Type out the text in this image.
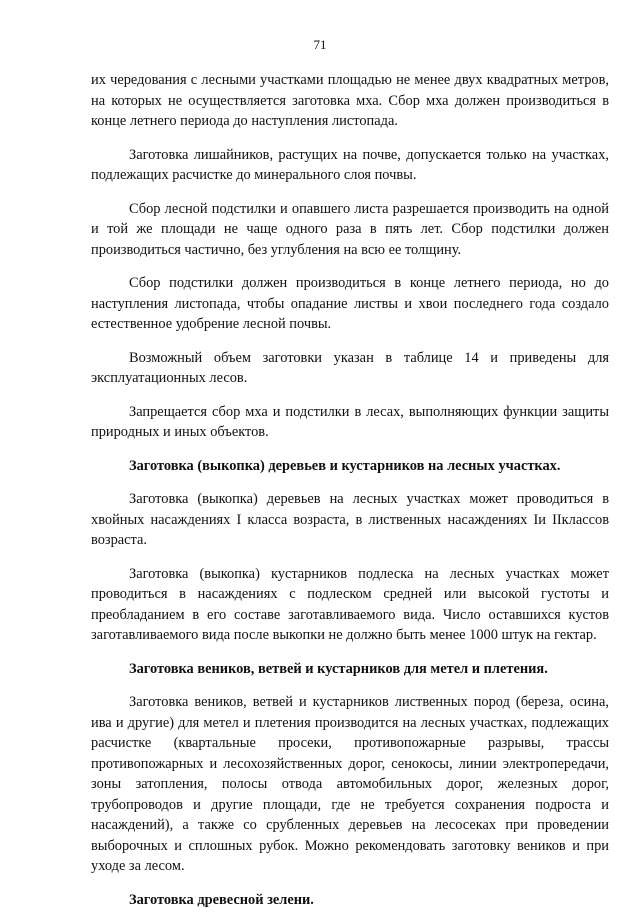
71

их чередования с лесными участками площадью не менее двух квадратных метров, на которых не осуществляется заготовка мха. Сбор мха должен производиться в конце летнего периода до наступления листопада.

Заготовка лишайников, растущих на почве, допускается только на участках, подлежащих расчистке до минерального слоя почвы.

Сбор лесной подстилки и опавшего листа разрешается производить на одной и той же площади не чаще одного раза в пять лет. Сбор подстилки должен производиться частично, без углубления на всю ее толщину.

Сбор подстилки должен производиться в конце летнего периода, но до наступления листопада, чтобы опадание листвы и хвои последнего года создало естественное удобрение лесной почвы.

Возможный объем заготовки указан в таблице 14 и приведены для эксплуатационных лесов.

Запрещается сбор мха и подстилки в лесах, выполняющих функции защиты природных и иных объектов.

Заготовка (выкопка) деревьев и кустарников на лесных участках.

Заготовка (выкопка) деревьев на лесных участках может проводиться в хвойных насаждениях I класса возраста, в лиственных насаждениях Iи IIклассов возраста.

Заготовка (выкопка) кустарников подлеска на лесных участках может проводиться в насаждениях с подлеском средней или высокой густоты и преобладанием в его составе заготавливаемого вида. Число оставшихся кустов заготавливаемого вида после выкопки не должно быть менее 1000 штук на гектар.

Заготовка веников, ветвей и кустарников для метел и плетения.

Заготовка веников, ветвей и кустарников лиственных пород (береза, осина, ива и другие) для метел и плетения производится на лесных участках, подлежащих расчистке (квартальные просеки, противопожарные разрывы, трассы противопожарных и лесохозяйственных дорог, сенокосы, линии электропередачи, зоны затопления, полосы отвода автомобильных дорог, железных дорог, трубопроводов и другие площади, где не требуется сохранения подроста и насаждений), а также со срубленных деревьев на лесосеках при проведении выборочных и сплошных рубок. Можно рекомендовать заготовку веников и при уходе за лесом.

Заготовка древесной зелени.
